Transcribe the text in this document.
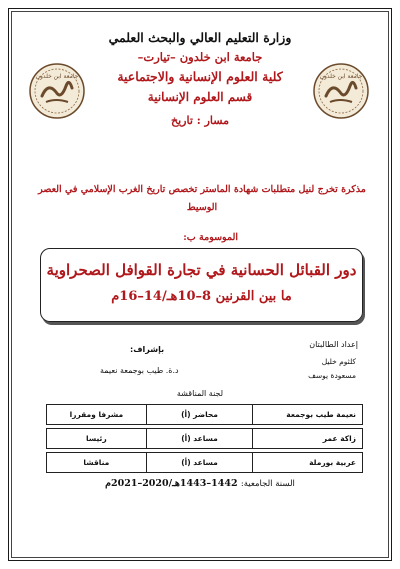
جامعة ابن خلدون	جامعة ابن خلدون
وزارة التعليم العالي والبحث العلمي
جامعة ابن خلدون –تيارت–
كلية العلوم الإنسانية والاجتماعية
قسم العلوم الإنسانية
مسار : تاريخ
مذكرة تخرج لنيل متطلبات شهادة الماستر تخصص تاريخ الغرب الإسلامي في العصر الوسيط
الموسومة ب:
دور القبائل الحسانية في تجارة القوافل الصحراوية
ما بين القرنين 8–10هـ/14–16م
إعداد الطالبتان
كلثوم خليل
مسعودة يوسف
بإشراف:
د.ة. طيب بوجمعة نعيمة
لجنة المناقشة
نعيمة طيب بوجمعة	محاضر (أ)	مشرفا ومقررا

زاكة عمر	مساعد (أ)	رئيسا

عربية بورملة	مساعد (أ)	مناقشا
السنة الجامعية: 1442–1443هـ/2020–2021م
